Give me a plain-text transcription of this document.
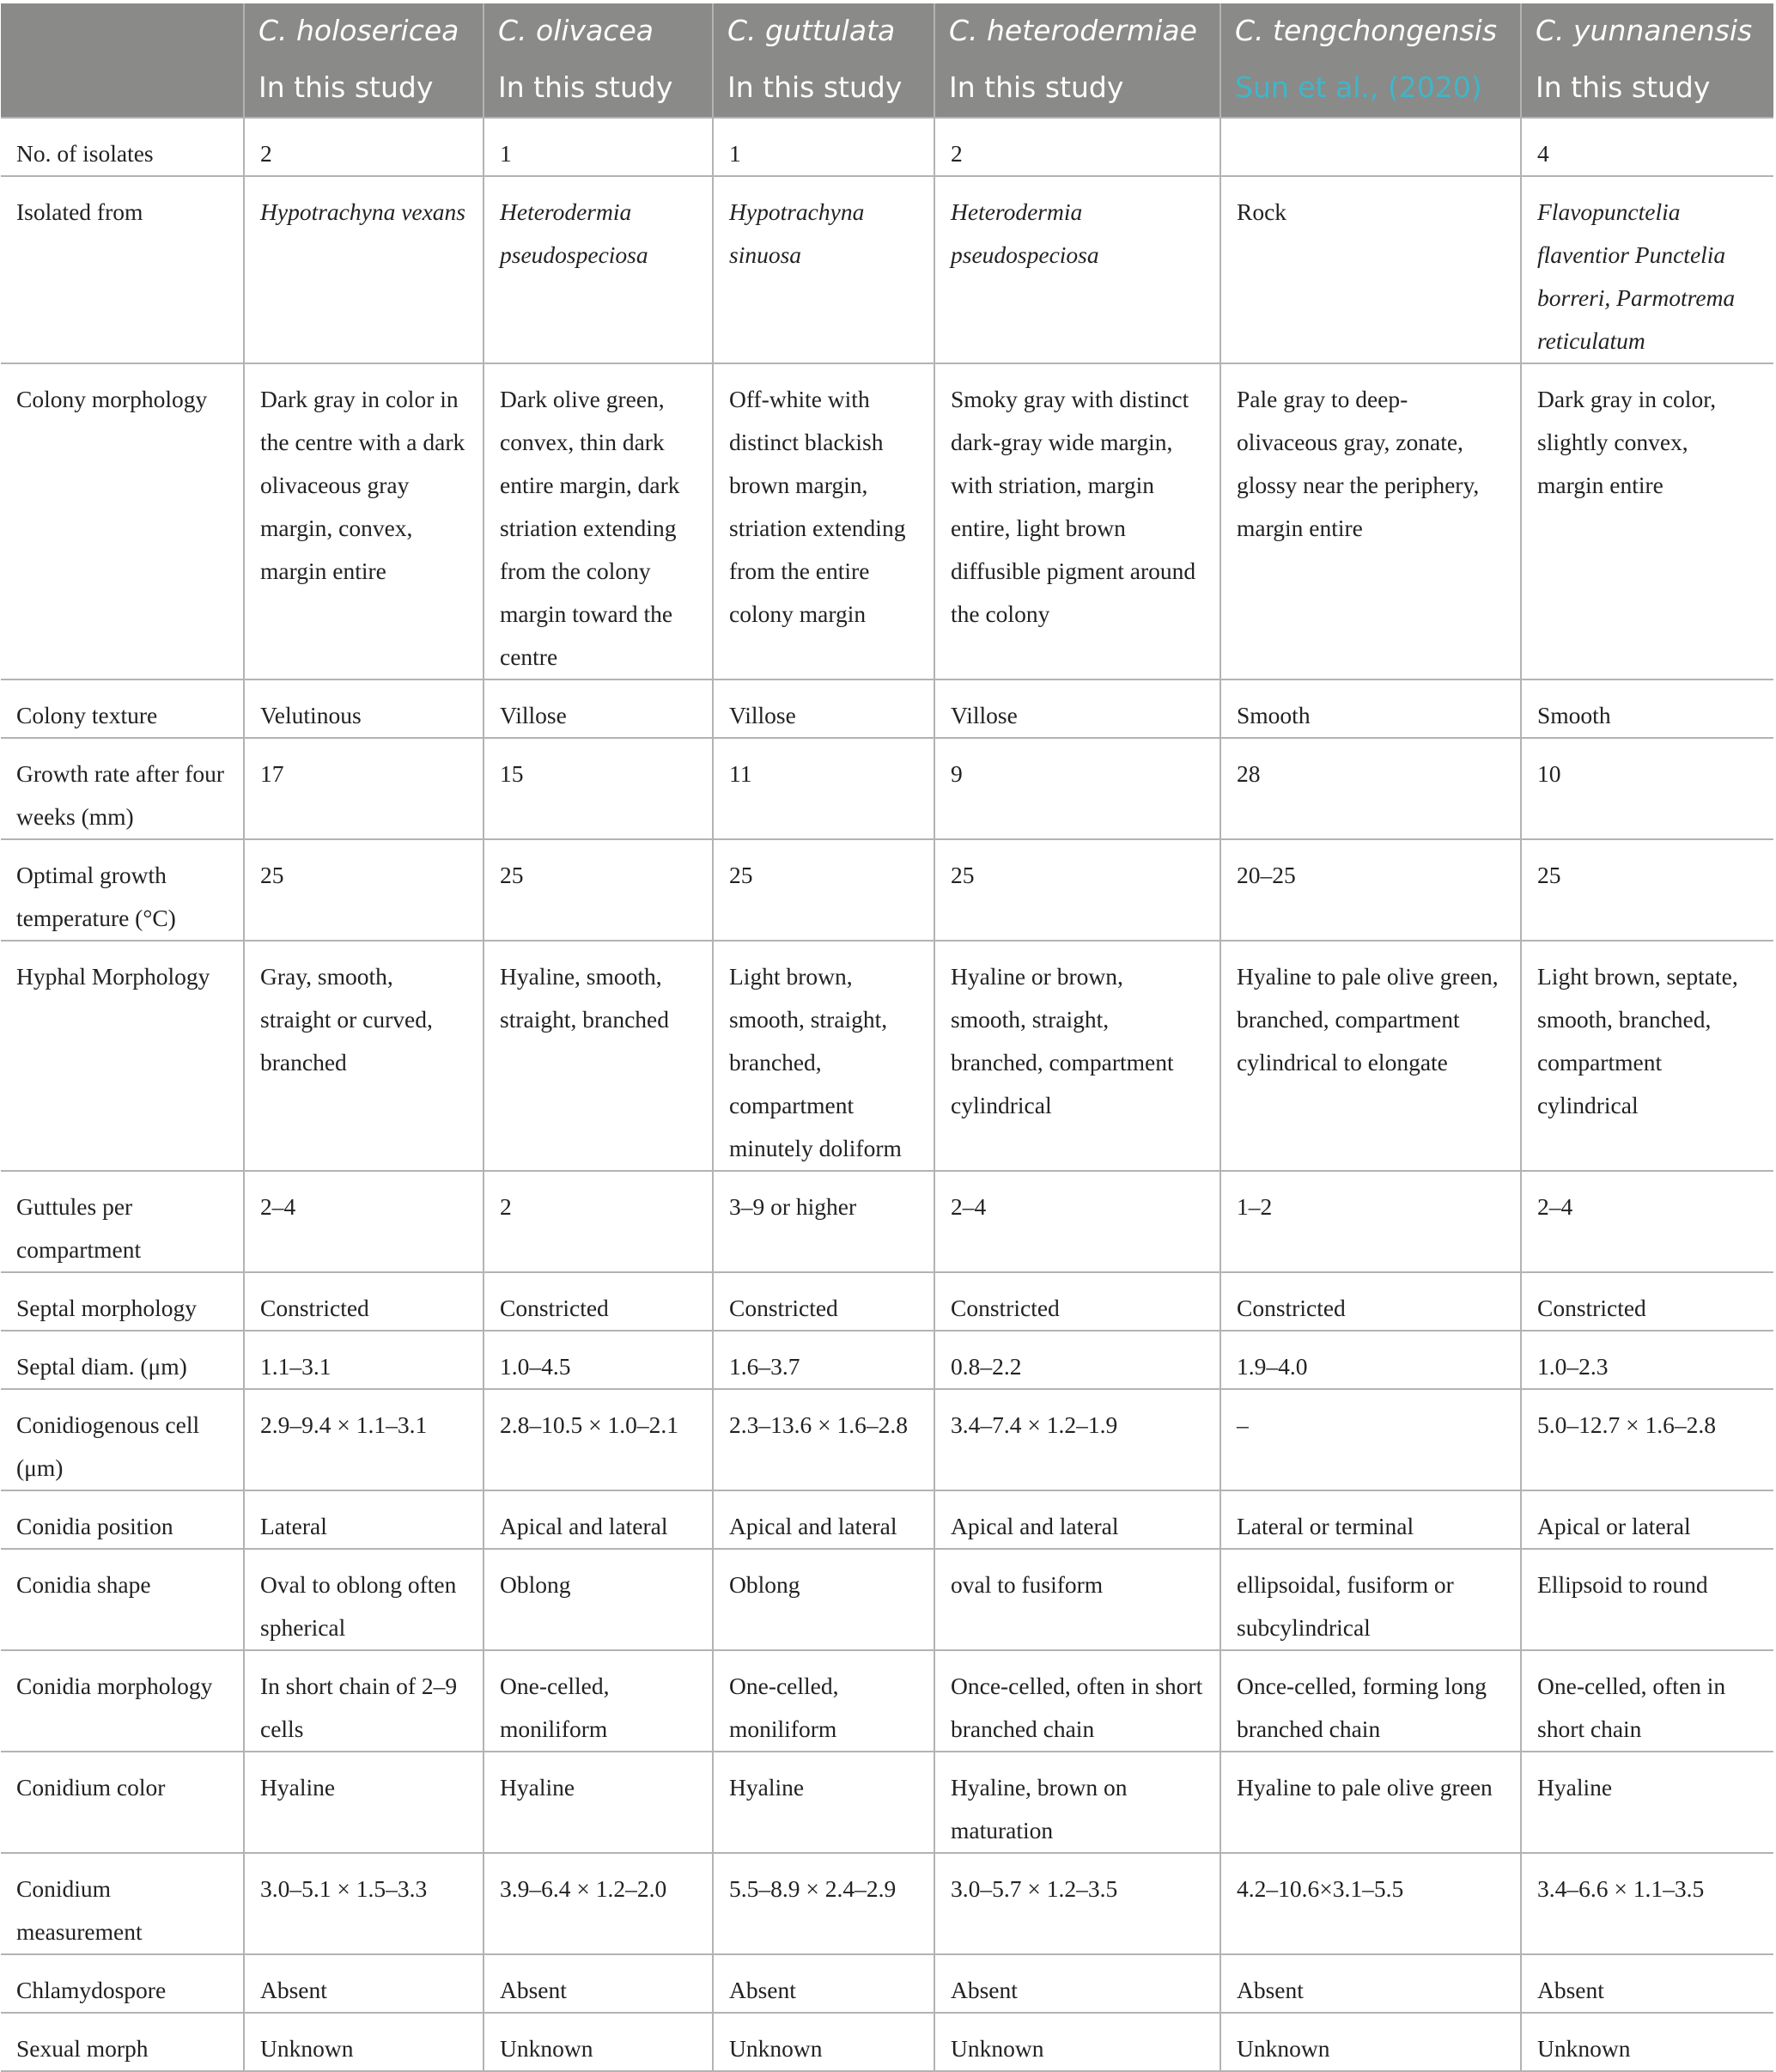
	C. holosericea	C. olivacea	C. guttulata	C. heterodermiae	C. tengchongensis	C. yunnanensis
	In this study	In this study	In this study	In this study	Sun et al., (2020)	In this study
No. of isolates	2	1	1	2		4
Isolated from	Hypotrachyna vexans	Heterodermia pseudospeciosa	Hypotrachyna sinuosa	Heterodermia pseudospeciosa	Rock	Flavopunctelia flaventior Punctelia borreri, Parmotrema reticulatum
Colony morphology	Dark gray in color in the centre with a dark olivaceous gray margin, convex, margin entire	Dark olive green, convex, thin dark entire margin, dark striation extending from the colony margin toward the centre	Off-white with distinct blackish brown margin, striation extending from the entire colony margin	Smoky gray with distinct dark-gray wide margin, with striation, margin entire, light brown diffusible pigment around the colony	Pale gray to deep-olivaceous gray, zonate, glossy near the periphery, margin entire	Dark gray in color, slightly convex, margin entire
Colony texture	Velutinous	Villose	Villose	Villose	Smooth	Smooth
Growth rate after four weeks (mm)	17	15	11	9	28	10
Optimal growth temperature (°C)	25	25	25	25	20–25	25
Hyphal Morphology	Gray, smooth, straight or curved, branched	Hyaline, smooth, straight, branched	Light brown, smooth, straight, branched, compartment minutely doliform	Hyaline or brown, smooth, straight, branched, compartment cylindrical	Hyaline to pale olive green, branched, compartment cylindrical to elongate	Light brown, septate, smooth, branched, compartment cylindrical
Guttules per compartment	2–4	2	3–9 or higher	2–4	1–2	2–4
Septal morphology	Constricted	Constricted	Constricted	Constricted	Constricted	Constricted
Septal diam. (μm)	1.1–3.1	1.0–4.5	1.6–3.7	0.8–2.2	1.9–4.0	1.0–2.3
Conidiogenous cell (μm)	2.9–9.4 × 1.1–3.1	2.8–10.5 × 1.0–2.1	2.3–13.6 × 1.6–2.8	3.4–7.4 × 1.2–1.9	–	5.0–12.7 × 1.6–2.8
Conidia position	Lateral	Apical and lateral	Apical and lateral	Apical and lateral	Lateral or terminal	Apical or lateral
Conidia shape	Oval to oblong often spherical	Oblong	Oblong	oval to fusiform	ellipsoidal, fusiform or subcylindrical	Ellipsoid to round
Conidia morphology	In short chain of 2–9 cells	One-celled, moniliform	One-celled, moniliform	Once-celled, often in short branched chain	Once-celled, forming long branched chain	One-celled, often in short chain
Conidium color	Hyaline	Hyaline	Hyaline	Hyaline, brown on maturation	Hyaline to pale olive green	Hyaline
Conidium measurement	3.0–5.1 × 1.5–3.3	3.9–6.4 × 1.2–2.0	5.5–8.9 × 2.4–2.9	3.0–5.7 × 1.2–3.5	4.2–10.6×3.1–5.5	3.4–6.6 × 1.1–3.5
Chlamydospore	Absent	Absent	Absent	Absent	Absent	Absent
Sexual morph	Unknown	Unknown	Unknown	Unknown	Unknown	Unknown
